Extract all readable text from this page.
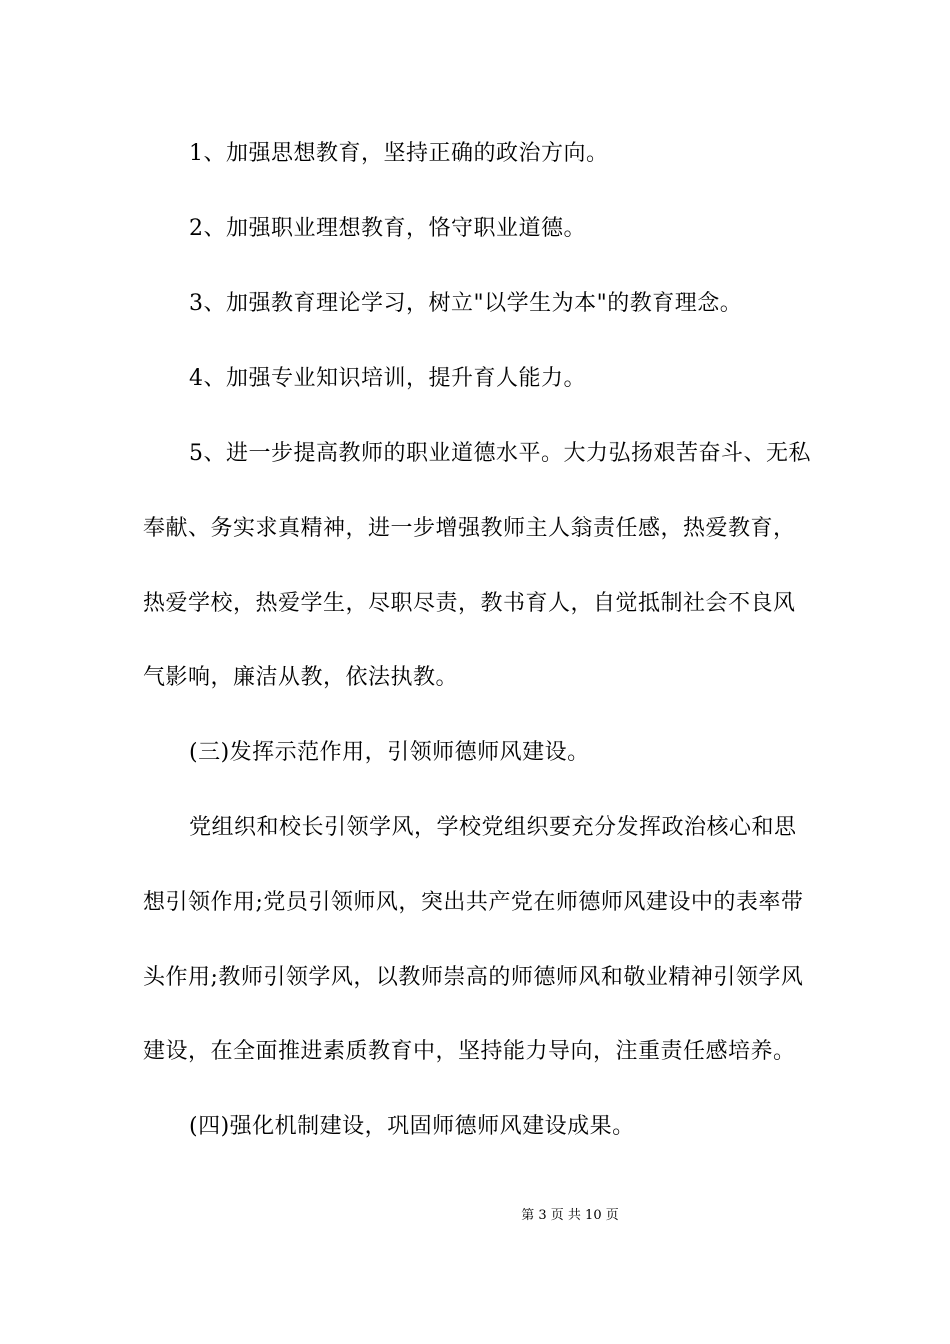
1、加强思想教育，坚持正确的政治方向。
2、加强职业理想教育，恪守职业道德。
3、加强教育理论学习，树立"以学生为本"的教育理念。
4、加强专业知识培训，提升育人能力。
5、进一步提高教师的职业道德水平。大力弘扬艰苦奋斗、无私
奉献、务实求真精神，进一步增强教师主人翁责任感，热爱教育，
热爱学校，热爱学生，尽职尽责，教书育人，自觉抵制社会不良风
气影响，廉洁从教，依法执教。
(三)发挥示范作用，引领师德师风建设。
党组织和校长引领学风，学校党组织要充分发挥政治核心和思
想引领作用;党员引领师风，突出共产党在师德师风建设中的表率带
头作用;教师引领学风，以教师崇高的师德师风和敬业精神引领学风
建设，在全面推进素质教育中，坚持能力导向，注重责任感培养。
(四)强化机制建设，巩固师德师风建设成果。
第 3 页 共 10 页
